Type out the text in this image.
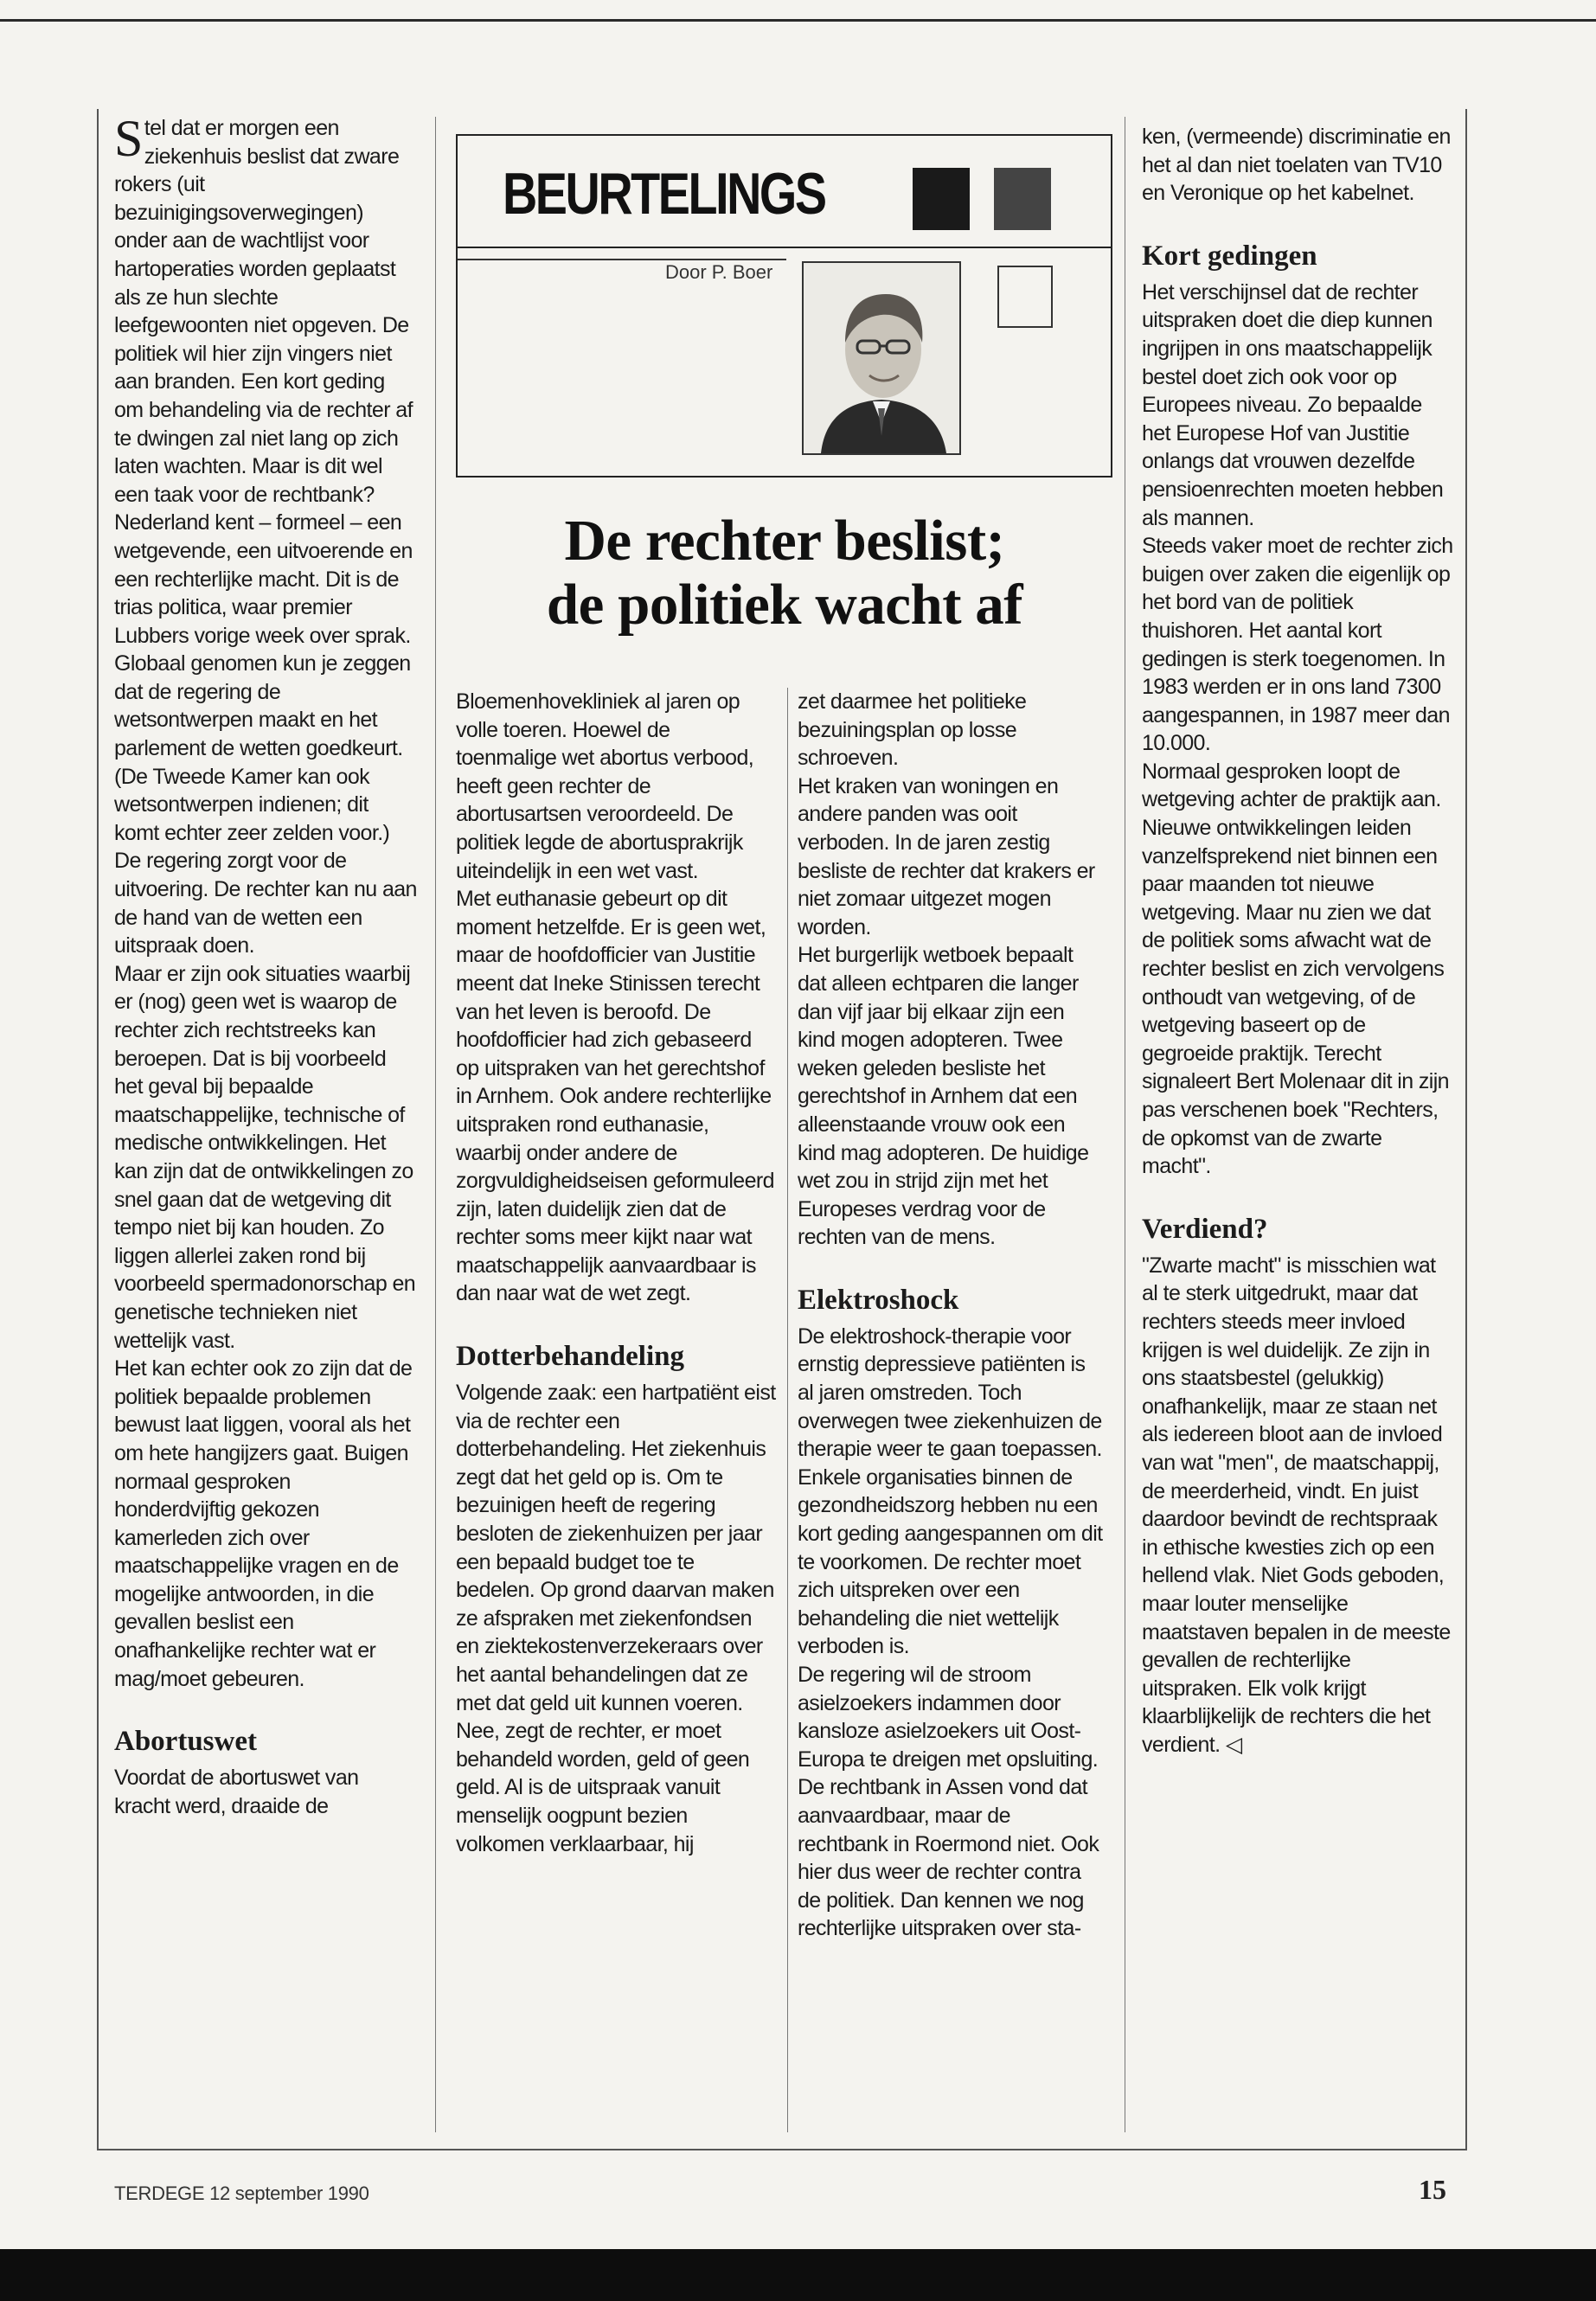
Stel dat er morgen een ziekenhuis beslist dat zware rokers (uit bezuinigingsoverwegingen) onder aan de wachtlijst voor hartoperaties worden geplaatst als ze hun slechte leefgewoonten niet opgeven. De politiek wil hier zijn vingers niet aan branden. Een kort geding om behandeling via de rechter af te dwingen zal niet lang op zich laten wachten. Maar is dit wel een taak voor de rechtbank?

Nederland kent – formeel – een wetgevende, een uitvoerende en een rechterlijke macht. Dit is de trias politica, waar premier Lubbers vorige week over sprak. Globaal genomen kun je zeggen dat de regering de wetsontwerpen maakt en het parlement de wetten goedkeurt. (De Tweede Kamer kan ook wetsontwerpen indienen; dit komt echter zeer zelden voor.) De regering zorgt voor de uitvoering. De rechter kan nu aan de hand van de wetten een uitspraak doen.

Maar er zijn ook situaties waarbij er (nog) geen wet is waarop de rechter zich rechtstreeks kan beroepen. Dat is bij voorbeeld het geval bij bepaalde maatschappelijke, technische of medische ontwikkelingen. Het kan zijn dat de ontwikkelingen zo snel gaan dat de wetgeving dit tempo niet bij kan houden. Zo liggen allerlei zaken rond bij voorbeeld spermadonorschap en genetische technieken niet wettelijk vast.

Het kan echter ook zo zijn dat de politiek bepaalde problemen bewust laat liggen, vooral als het om hete hangijzers gaat. Buigen normaal gesproken honderdvijftig gekozen kamerleden zich over maatschappelijke vragen en de mogelijke antwoorden, in die gevallen beslist een onafhankelijke rechter wat er mag/moet gebeuren.

Abortuswet

Voordat de abortuswet van kracht werd, draaide de

BEURTELINGS
Door P. Boer
De rechter beslist;
de politiek wacht af

Bloemenhovekliniek al jaren op volle toeren. Hoewel de toenmalige wet abortus verbood, heeft geen rechter de abortusartsen veroordeeld. De politiek legde de abortusprakrijk uiteindelijk in een wet vast.

Met euthanasie gebeurt op dit moment hetzelfde. Er is geen wet, maar de hoofdofficier van Justitie meent dat Ineke Stinissen terecht van het leven is beroofd. De hoofdofficier had zich gebaseerd op uitspraken van het gerechtshof in Arnhem. Ook andere rechterlijke uitspraken rond euthanasie, waarbij onder andere de zorgvuldigheidseisen geformuleerd zijn, laten duidelijk zien dat de rechter soms meer kijkt naar wat maatschappelijk aanvaardbaar is dan naar wat de wet zegt.

Dotterbehandeling

Volgende zaak: een hartpatiënt eist via de rechter een dotterbehandeling. Het ziekenhuis zegt dat het geld op is. Om te bezuinigen heeft de regering besloten de ziekenhuizen per jaar een bepaald budget toe te bedelen. Op grond daarvan maken ze afspraken met ziekenfondsen en ziektekostenverzekeraars over het aantal behandelingen dat ze met dat geld uit kunnen voeren. Nee, zegt de rechter, er moet behandeld worden, geld of geen geld. Al is de uitspraak vanuit menselijk oogpunt bezien volkomen verklaarbaar, hij

zet daarmee het politieke bezuiningsplan op losse schroeven.

Het kraken van woningen en andere panden was ooit verboden. In de jaren zestig besliste de rechter dat krakers er niet zomaar uitgezet mogen worden.

Het burgerlijk wetboek bepaalt dat alleen echtparen die langer dan vijf jaar bij elkaar zijn een kind mogen adopteren. Twee weken geleden besliste het gerechtshof in Arnhem dat een alleenstaande vrouw ook een kind mag adopteren. De huidige wet zou in strijd zijn met het Europeses verdrag voor de rechten van de mens.

Elektroshock

De elektroshock-therapie voor ernstig depressieve patiënten is al jaren omstreden. Toch overwegen twee ziekenhuizen de therapie weer te gaan toepassen. Enkele organisaties binnen de gezondheidszorg hebben nu een kort geding aangespannen om dit te voorkomen. De rechter moet zich uitspreken over een behandeling die niet wettelijk verboden is.

De regering wil de stroom asielzoekers indammen door kansloze asielzoekers uit Oost-Europa te dreigen met opsluiting. De rechtbank in Assen vond dat aanvaardbaar, maar de rechtbank in Roermond niet. Ook hier dus weer de rechter contra de politiek. Dan kennen we nog rechterlijke uitspraken over sta-

ken, (vermeende) discriminatie en het al dan niet toelaten van TV10 en Veronique op het kabelnet.

Kort gedingen

Het verschijnsel dat de rechter uitspraken doet die diep kunnen ingrijpen in ons maatschappelijk bestel doet zich ook voor op Europees niveau. Zo bepaalde het Europese Hof van Justitie onlangs dat vrouwen dezelfde pensioenrechten moeten hebben als mannen.

Steeds vaker moet de rechter zich buigen over zaken die eigenlijk op het bord van de politiek thuishoren. Het aantal kort gedingen is sterk toegenomen. In 1983 werden er in ons land 7300 aangespannen, in 1987 meer dan 10.000.

Normaal gesproken loopt de wetgeving achter de praktijk aan. Nieuwe ontwikkelingen leiden vanzelfsprekend niet binnen een paar maanden tot nieuwe wetgeving. Maar nu zien we dat de politiek soms afwacht wat de rechter beslist en zich vervolgens onthoudt van wetgeving, of de wetgeving baseert op de gegroeide praktijk. Terecht signaleert Bert Molenaar dit in zijn pas verschenen boek "Rechters, de opkomst van de zwarte macht".

Verdiend?

"Zwarte macht" is misschien wat al te sterk uitgedrukt, maar dat rechters steeds meer invloed krijgen is wel duidelijk. Ze zijn in ons staatsbestel (gelukkig) onafhankelijk, maar ze staan net als iedereen bloot aan de invloed van wat "men", de maatschappij, de meerderheid, vindt. En juist daardoor bevindt de rechtspraak in ethische kwesties zich op een hellend vlak. Niet Gods geboden, maar louter menselijke maatstaven bepalen in de meeste gevallen de rechterlijke uitspraken. Elk volk krijgt klaarblijkelijk de rechters die het verdient. ◁

TERDEGE 12 september 1990	15
